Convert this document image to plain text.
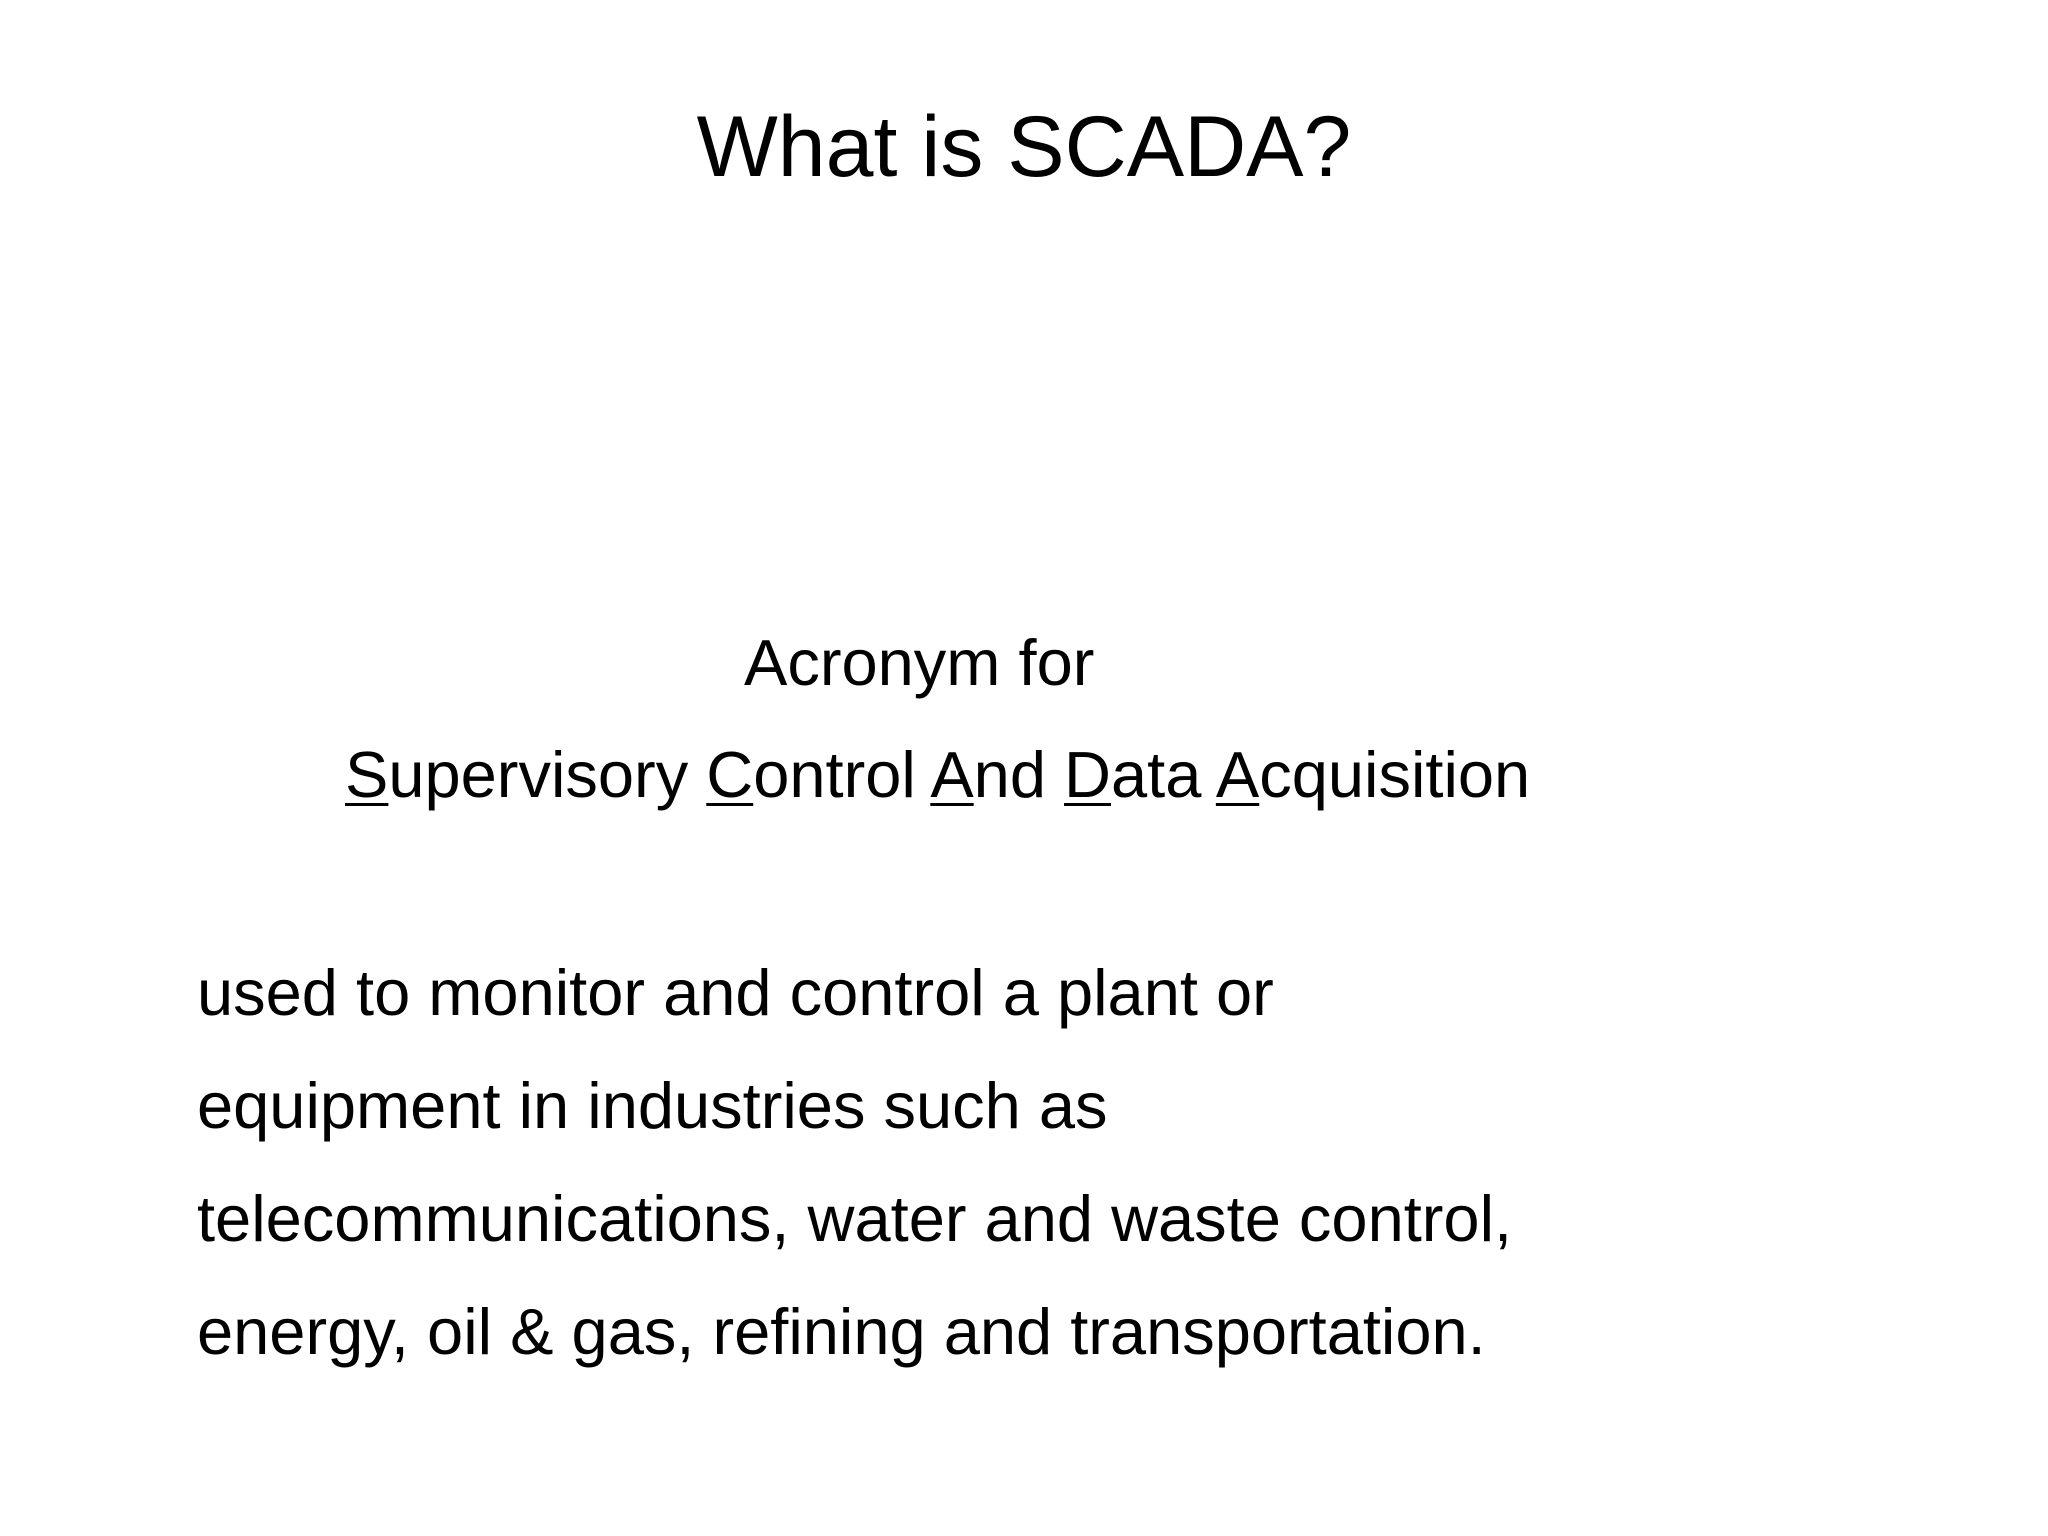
What is SCADA?
Acronym for
Supervisory Control And Data Acquisition
used to monitor and control a plant or
equipment in industries such as
telecommunications, water and waste control,
energy, oil & gas, refining and transportation.
